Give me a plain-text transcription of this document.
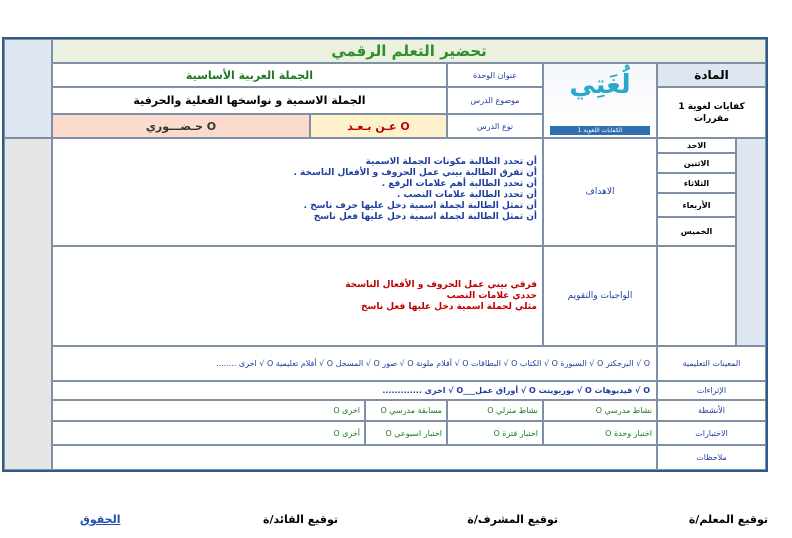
تحضير التعلم الرقمي
المادة
كفايات لغوية 1 مقررات
لُغَتِي
الكفايات اللغوية 1
عنوان الوحدة
الجملة العربية الأساسية
موضوع الدرس
الجملة الاسمية و نواسخها الفعلية والحرفية
نوع الدرس
عـن بـعـد O
حـضـــوري O
الاحد
الاثنين
الثلاثاء
الأربعاء
الخميس
الاهداف
أن تحدد الطالبة مكونات الجملة الاسمية
أن تفرق الطالبة بيني عمل الحروف و الأفعال الناسخة .
أن تحدد الطالبة أهم علامات الرفع .
أن تحدد الطالبة علامات النصب .
أن تمثل الطالبة لجملة اسمية دخل عليها حرف ناسخ .
أن تمثل الطالبة لجملة اسمية دخل عليها فعل ناسخ
الواجبات والتقويم
فرقي بيني عمل الحروف و الأفعال الناسخة
حددي علامات النصب
مثلي لجملة اسمية دخل عليها فعل ناسخ
المعينات التعليمية
O √ البرجكتر O √ السبورة O √ الكتاب O √ البطاقات O √ أقلام ملونة O √ صور O √ المسجل O √ أفلام تعليمية O √ اخرى ........
الإثراءات
O √ فيديوهات O √ بوربوينت O √ أوراق عمل___O √ اخرى .............
الأنشطة
نشاط مدرسي O
نشاط منزلي O
مسابقة مدرسي O
اخرى O
الاختبارات
اختبار وحدة O
اختبار فترة O
اختبار اسبوعي O
أخرى O
ملاحظات
توقيع المعلم/ة
توقيع المشرف/ة
توقيع القائد/ة
الحقوق
